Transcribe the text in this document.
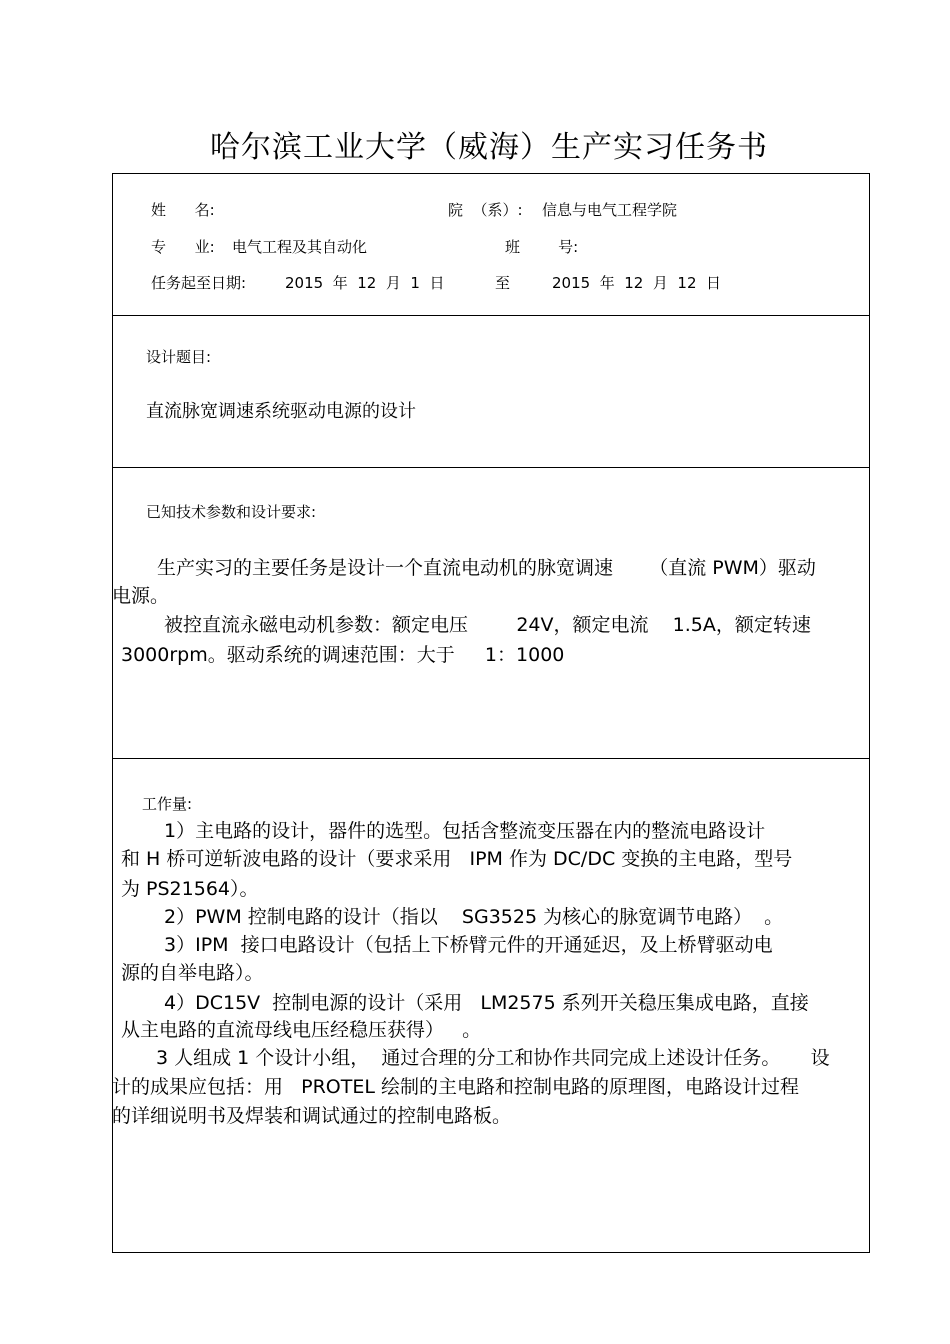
哈尔滨工业大学（威海）生产实习任务书
姓      名:	院  （系）: 信息与电气工程学院
专      业: 电气工程及其自动化	班        号:
任务起至日期:	2015  年  12  月  1  日	至	2015  年  12  月  12  日
设计题目:
直流脉宽调速系统驱动电源的设计
已知技术参数和设计要求:
生产实习的主要任务是设计一个直流电动机的脉宽调速      （直流 PWM）驱动
电源。
被控直流永磁电动机参数：额定电压        24V，额定电流    1.5A，额定转速
3000rpm。驱动系统的调速范围：大于     1：1000
工作量:
1）主电路的设计，器件的选型。包括含整流变压器在内的整流电路设计
和 H 桥可逆斩波电路的设计（要求采用   IPM 作为 DC/DC 变换的主电路，型号
为 PS21564）。
2）PWM 控制电路的设计（指以    SG3525 为核心的脉宽调节电路）  。
3）IPM  接口电路设计（包括上下桥臂元件的开通延迟，及上桥臂驱动电
源的自举电路）。
4）DC15V  控制电源的设计（采用   LM2575 系列开关稳压集成电路，直接
从主电路的直流母线电压经稳压获得）   。
3 人组成 1 个设计小组，  通过合理的分工和协作共同完成上述设计任务。     设
计的成果应包括：用   PROTEL 绘制的主电路和控制电路的原理图，电路设计过程
的详细说明书及焊装和调试通过的控制电路板。
